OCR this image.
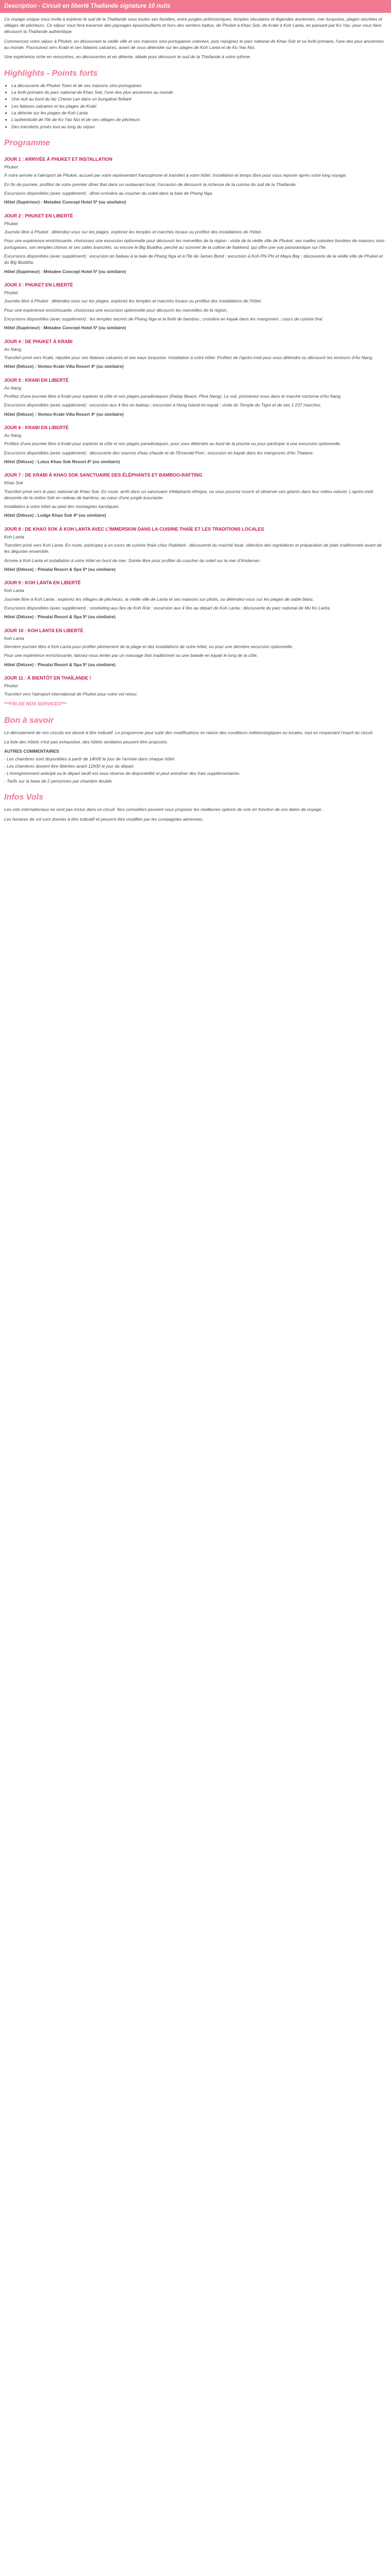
Description - Circuit en liberté Thailande signature 10 nuits
Ce voyage unique vous invite à explorer le sud de la Thaïlande sous toutes ses facettes, entre jungles préhistoriques, temples séculaires et légendes anciennes, mer turquoise, plages secrètes et villages de pêcheurs. Ce séjour vous fera traverser des paysages époustouflants et hors des sentiers battus, de Phuket à Khao Sok, de Krabi à Koh Lanta, en passant par Ko Yao, pour vous faire découvrir la Thaïlande authentique.
Commencez votre séjour à Phuket, en découvrant la vieille ville et ses maisons sino-portugaises colorées, puis rejoignez le parc national de Khao Sok et sa forêt primaire, l'une des plus anciennes au monde. Poursuivez vers Krabi et ses falaises calcaires, avant de vous détendre sur les plages de Koh Lanta et de Ko Yao Noi.
Une expérience riche en rencontres, en découvertes et en détente, idéale pour découvrir le sud de la Thaïlande à votre rythme.
Highlights - Points forts
• La découverte de Phuket Town et de ses maisons sino-portugaises
• La forêt primaire du parc national de Khao Sok, l'une des plus anciennes au monde
• Une nuit au bord du lac Cheow Lan dans un bungalow flottant
• Les falaises calcaires et les plages de Krabi
• La détente sur les plages de Koh Lanta
• L'authenticité de l'île de Ko Yao Noi et de ses villages de pêcheurs
• Des transferts privés tout au long du séjour
Programme
JOUR 1 : ARRIVÉE À PHUKET ET INSTALLATION
Phuket
À votre arrivée à l'aéroport de Phuket, accueil par votre représentant francophone et transfert à votre hôtel. Installation et temps libre pour vous reposer après votre long voyage.
En fin de journée, profitez de votre premier dîner thaï dans un restaurant local, l'occasion de découvrir la richesse de la cuisine du sud de la Thaïlande.
Excursions disponibles (avec supplément) : dîner-croisière au coucher du soleil dans la baie de Phang Nga.
Hôtel (Supérieur) : Metadee Concept Hotel 5* (ou similaire)
JOUR 2 : PHUKET EN LIBERTÉ
Phuket
Journée libre à Phuket : détendez-vous sur les plages, explorez les temples et marchés locaux ou profitez des installations de l'hôtel.
Pour une expérience enrichissante, choisissez une excursion optionnelle pour découvrir les merveilles de la région : visite de la vieille ville de Phuket, ses ruelles colorées bordées de maisons sino-portugaises, ses temples chinois et ses cafés branchés, ou encore le Big Buddha, perché au sommet de la colline de Nakkerd, qui offre une vue panoramique sur l'île.
Excursions disponibles (avec supplément) : excursion en bateau à la baie de Phang Nga et à l'île de James Bond ; excursion à Koh Phi Phi et Maya Bay ; découverte de la vieille ville de Phuket et du Big Buddha.
Hôtel (Supérieur) : Metadee Concept Hotel 5* (ou similaire)
JOUR 3 : PHUKET EN LIBERTÉ
Phuket
Journée libre à Phuket : détendez-vous sur les plages, explorez les temples et marchés locaux ou profitez des installations de l'hôtel.
Pour une expérience enrichissante, choisissez une excursion optionnelle pour découvrir les merveilles de la région.
Excursions disponibles (avec supplément) : les temples secrets de Phang Nga et la forêt de bambou ; croisière en kayak dans les mangroves ; cours de cuisine thaï.
Hôtel (Supérieur) : Metadee Concept Hotel 5* (ou similaire)
JOUR 4 : DE PHUKET À KRABI
Ao Nang
Transfert privé vers Krabi, réputée pour ses falaises calcaires et ses eaux turquoise. Installation à votre hôtel. Profitez de l'après-midi pour vous détendre ou découvrir les environs d'Ao Nang.
Hôtel (Déluxe) : Ventoo Krabi Villa Resort 4* (ou similaire)
JOUR 5 : KRABI EN LIBERTÉ
Ao Nang
Profitez d'une journée libre à Krabi pour explorer la côte et ses plages paradisiaques (Railay Beach, Phra Nang). Le soir, promenez-vous dans le marché nocturne d'Ao Nang.
Excursions disponibles (avec supplément) : excursion aux 4 îles en bateau ; excursion à Hong Island en kayak ; visite du Temple du Tigre et de ses 1 237 marches.
Hôtel (Déluxe) : Ventoo Krabi Villa Resort 4* (ou similaire)
JOUR 6 : KRABI EN LIBERTÉ
Ao Nang
Profitez d'une journée libre à Krabi pour explorer la côte et ses plages paradisiaques, pour vous détendre au bord de la piscine ou pour participer à une excursion optionnelle.
Excursions disponibles (avec supplément) : découverte des sources d'eau chaude et de l'Emerald Pool ; excursion en kayak dans les mangroves d'Ao Thalane.
Hôtel (Déluxe) : Lotus Khao Sok Resort 4* (ou similaire)
JOUR 7 : DE KRABI À KHAO SOK SANCTUAIRE DES ÉLÉPHANTS ET BAMBOO-RAFTING
Khao Sok
Transfert privé vers le parc national de Khao Sok. En route, arrêt dans un sanctuaire d'éléphants éthique, où vous pourrez nourrir et observer ces géants dans leur milieu naturel. L'après-midi, descente de la rivière Sok en radeau de bambou, au cœur d'une jungle luxuriante.
Installation à votre hôtel au pied des montagnes karstiques.
Hôtel (Déluxe) : Lodge Khao Sok 4* (ou similaire)
JOUR 8 : DE KHAO SOK À KOH LANTA AVEC L'IMMERSION DANS LA CUISINE THAÏE ET LES TRADITIONS LOCALES
Koh Lanta
Transfert privé vers Koh Lanta. En route, participez à un cours de cuisine thaïe chez l'habitant : découverte du marché local, sélection des ingrédients et préparation de plats traditionnels avant de les déguster ensemble.
Arrivée à Koh Lanta et installation à votre hôtel en bord de mer. Soirée libre pour profiter du coucher du soleil sur la mer d'Andaman.
Hôtel (Déluxe) : Pimalai Resort & Spa 5* (ou similaire)
JOUR 9 : KOH LANTA EN LIBERTÉ
Koh Lanta
Journée libre à Koh Lanta : explorez les villages de pêcheurs, la vieille ville de Lanta et ses maisons sur pilotis, ou détendez-vous sur les plages de sable blanc.
Excursions disponibles (avec supplément) : snorkeling aux îles de Koh Rok ; excursion aux 4 îles au départ de Koh Lanta ; découverte du parc national de Mu Ko Lanta.
Hôtel (Déluxe) : Pimalai Resort & Spa 5* (ou similaire)
JOUR 10 : KOH LANTA EN LIBERTÉ
Koh Lanta
Dernière journée libre à Koh Lanta pour profiter pleinement de la plage et des installations de votre hôtel, ou pour une dernière excursion optionnelle.
Pour une expérience enrichissante, laissez-vous tenter par un massage thaï traditionnel ou une balade en kayak le long de la côte.
Hôtel (Déluxe) : Pimalai Resort & Spa 5* (ou similaire)
JOUR 11 : À BIENTÔT EN THAÏLANDE !
Phuket
Transfert vers l'aéroport international de Phuket pour votre vol retour.
***FIN DE NOS SERVICES***
Bon à savoir
Le déroulement de nos circuits est donné à titre indicatif. Le programme peut subir des modifications en raison des conditions météorologiques ou locales, tout en respectant l'esprit du circuit.
La liste des hôtels n'est pas exhaustive, des hôtels similaires peuvent être proposés.
AUTRES COMMENTAIRES
- Les chambres sont disponibles à partir de 14h00 le jour de l'arrivée dans chaque hôtel.
- Les chambres doivent être libérées avant 12h00 le jour du départ.
- L'enregistrement anticipé ou le départ tardif est sous réserve de disponibilité et peut entraîner des frais supplémentaires.
- Tarifs sur la base de 2 personnes par chambre double.
Infos Vols
Les vols internationaux ne sont pas inclus dans ce circuit. Nos conseillers peuvent vous proposer les meilleures options de vols en fonction de vos dates de voyage.
Les horaires de vol sont donnés à titre indicatif et peuvent être modifiés par les compagnies aériennes.
